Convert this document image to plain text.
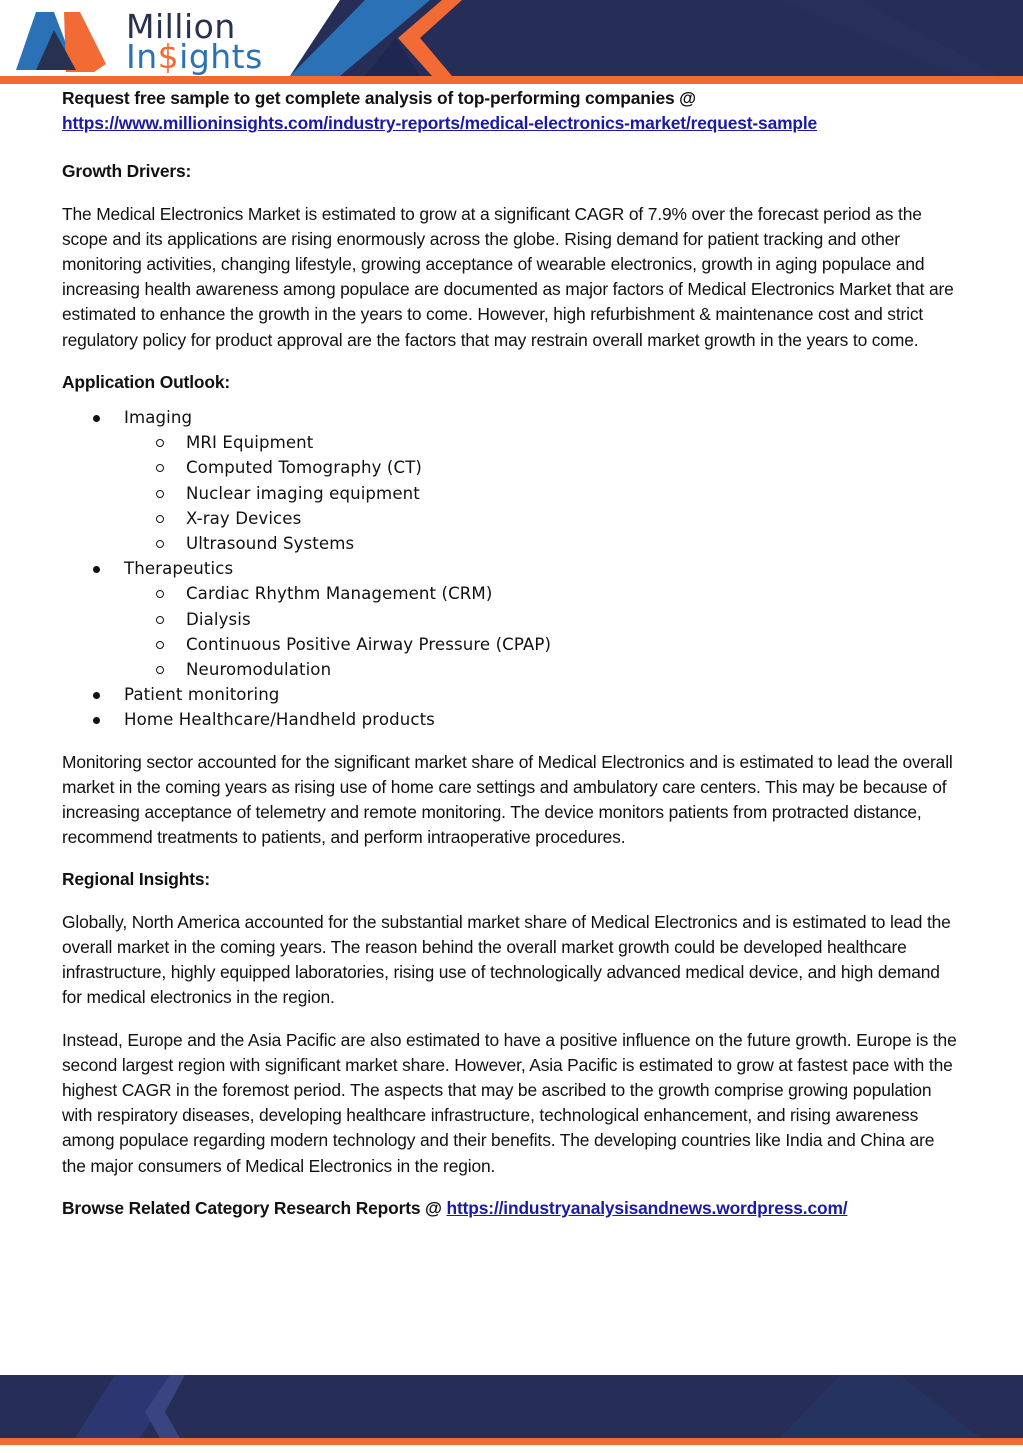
Million
In$ights

Request free sample to get complete analysis of top-performing companies @

https://www.millioninsights.com/industry-reports/medical-electronics-market/request-sample

Growth Drivers:

The Medical Electronics Market is estimated to grow at a significant CAGR of 7.9% over the forecast period as the scope and its applications are rising enormously across the globe. Rising demand for patient tracking and other monitoring activities, changing lifestyle, growing acceptance of wearable electronics, growth in aging populace and increasing health awareness among populace are documented as major factors of Medical Electronics Market that are estimated to enhance the growth in the years to come. However, high refurbishment & maintenance cost and strict regulatory policy for product approval are the factors that may restrain overall market growth in the years to come.

Application Outlook:

Imaging
MRI Equipment
Computed Tomography (CT)
Nuclear imaging equipment
X-ray Devices
Ultrasound Systems
Therapeutics
Cardiac Rhythm Management (CRM)
Dialysis
Continuous Positive Airway Pressure (CPAP)
Neuromodulation
Patient monitoring
Home Healthcare/Handheld products

Monitoring sector accounted for the significant market share of Medical Electronics and is estimated to lead the overall market in the coming years as rising use of home care settings and ambulatory care centers. This may be because of increasing acceptance of telemetry and remote monitoring. The device monitors patients from protracted distance, recommend treatments to patients, and perform intraoperative procedures.

Regional Insights:

Globally, North America accounted for the substantial market share of Medical Electronics and is estimated to lead the overall market in the coming years. The reason behind the overall market growth could be developed healthcare infrastructure, highly equipped laboratories, rising use of technologically advanced medical device, and high demand for medical electronics in the region.

Instead, Europe and the Asia Pacific are also estimated to have a positive influence on the future growth. Europe is the second largest region with significant market share. However, Asia Pacific is estimated to grow at fastest pace with the highest CAGR in the foremost period. The aspects that may be ascribed to the growth comprise growing population with respiratory diseases, developing healthcare infrastructure, technological enhancement, and rising awareness among populace regarding modern technology and their benefits. The developing countries like India and China are the major consumers of Medical Electronics in the region.

Browse Related Category Research Reports @ https://industryanalysisandnews.wordpress.com/
